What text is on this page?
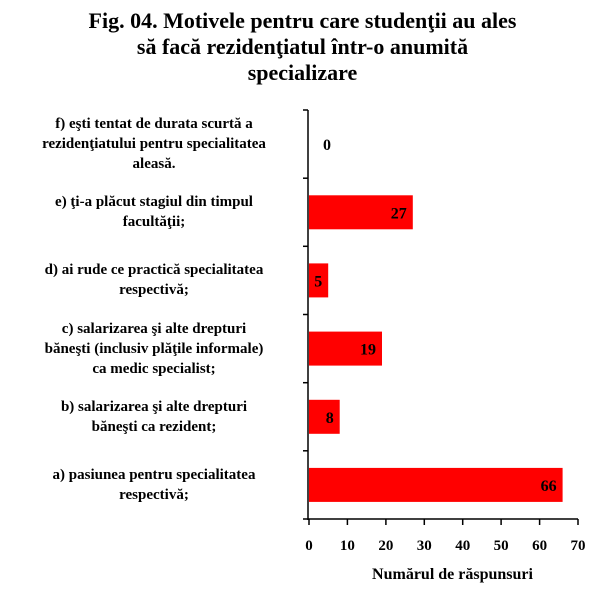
Fig. 04. Motivele pentru care studenţii au ales
să facă rezidenţiatul într-o anumită
specializare
f) eşti tentat de durata scurtă a
rezidenţiatului pentru specialitatea
aleasă.
e) ţi-a plăcut stagiul din timpul
facultăţii;
d) ai rude ce practică specialitatea
respectivă;
c) salarizarea şi alte drepturi
băneşti (inclusiv plăţile informale)
ca medic specialist;
b) salarizarea şi alte drepturi
băneşti ca rezident;
a) pasiunea pentru specialitatea
respectivă;
0
27
5
19
8
66
0 10 20 30 40 50 60 70
Numărul de răspunsuri
